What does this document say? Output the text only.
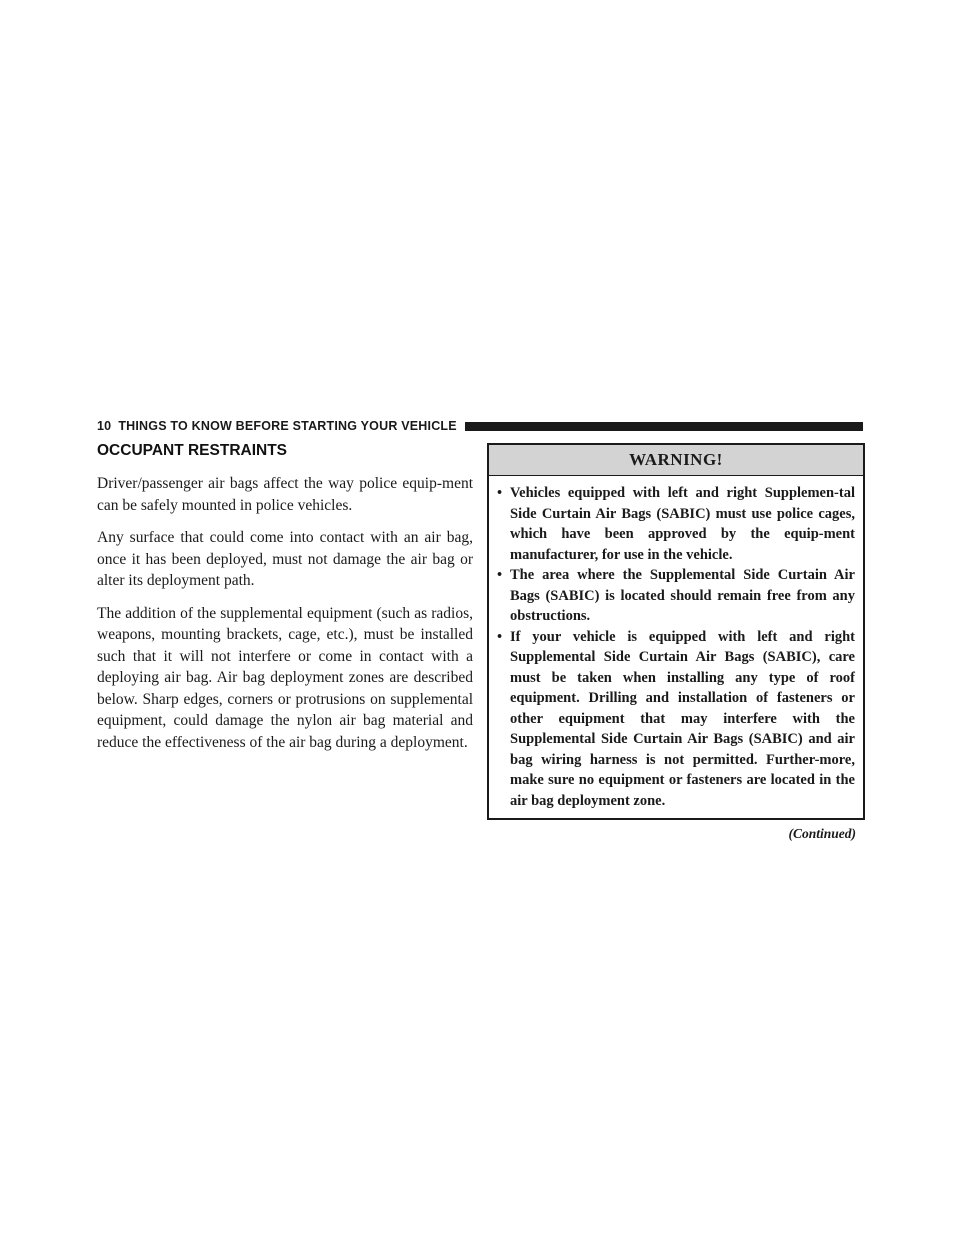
10 THINGS TO KNOW BEFORE STARTING YOUR VEHICLE
OCCUPANT RESTRAINTS

Driver/passenger air bags affect the way police equip-ment can be safely mounted in police vehicles.

Any surface that could come into contact with an air bag, once it has been deployed, must not damage the air bag or alter its deployment path.

The addition of the supplemental equipment (such as radios, weapons, mounting brackets, cage, etc.), must be installed such that it will not interfere or come in contact with a deploying air bag. Air bag deployment zones are described below. Sharp edges, corners or protrusions on supplemental equipment, could damage the nylon air bag material and reduce the effectiveness of the air bag during a deployment.

WARNING!
• Vehicles equipped with left and right Supplemen-tal Side Curtain Air Bags (SABIC) must use police cages, which have been approved by the equip-ment manufacturer, for use in the vehicle.
• The area where the Supplemental Side Curtain Air Bags (SABIC) is located should remain free from any obstructions.
• If your vehicle is equipped with left and right Supplemental Side Curtain Air Bags (SABIC), care must be taken when installing any type of roof equipment. Drilling and installation of fasteners or other equipment that may interfere with the Supplemental Side Curtain Air Bags (SABIC) and air bag wiring harness is not permitted. Further-more, make sure no equipment or fasteners are located in the air bag deployment zone.
(Continued)
